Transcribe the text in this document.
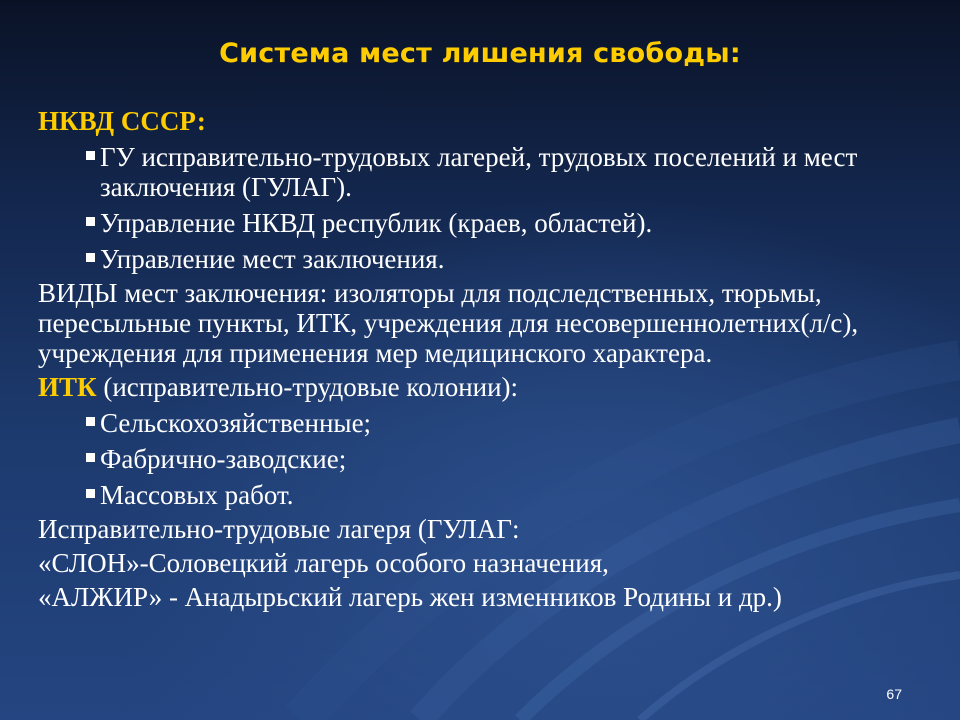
Система мест лишения свободы:
НКВД СССР:
ГУ исправительно-трудовых лагерей, трудовых поселений и мест заключения (ГУЛАГ).
Управление НКВД республик (краев, областей).
Управление мест заключения.
ВИДЫ мест заключения: изоляторы для подследственных, тюрьмы, пересыльные пункты, ИТК, учреждения для несовершеннолетних(л/с), учреждения для применения мер медицинского характера.
ИТК (исправительно-трудовые колонии):
Сельскохозяйственные;
Фабрично-заводские;
Массовых работ.
Исправительно-трудовые лагеря (ГУЛАГ:
«СЛОН»-Соловецкий лагерь особого назначения,
«АЛЖИР» - Анадырьский лагерь жен изменников Родины и др.)
67
